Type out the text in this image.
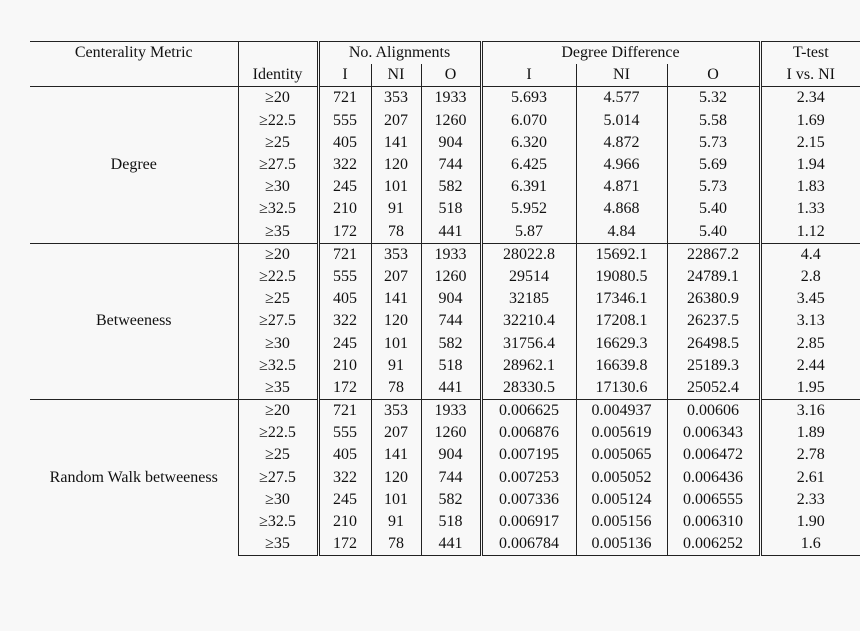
Centerality Metric		No. Alignments			Degree Difference			T-test
	Identity	I	NI	O	I	NI	O	I vs. NI
Degree	≥ 20	721	353	1933	5.693	4.577	5.32	2.34
	≥ 22.5	555	207	1260	6.070	5.014	5.58	1.69
	≥ 25	405	141	904	6.320	4.872	5.73	2.15
	≥ 27.5	322	120	744	6.425	4.966	5.69	1.94
	≥ 30	245	101	582	6.391	4.871	5.73	1.83
	≥ 32.5	210	91	518	5.952	4.868	5.40	1.33
	≥ 35	172	78	441	5.87	4.84	5.40	1.12
Betweeness	≥ 20	721	353	1933	28022.8	15692.1	22867.2	4.4
	≥ 22.5	555	207	1260	29514	19080.5	24789.1	2.8
	≥ 25	405	141	904	32185	17346.1	26380.9	3.45
	≥ 27.5	322	120	744	32210.4	17208.1	26237.5	3.13
	≥ 30	245	101	582	31756.4	16629.3	26498.5	2.85
	≥ 32.5	210	91	518	28962.1	16639.8	25189.3	2.44
	≥ 35	172	78	441	28330.5	17130.6	25052.4	1.95
Random Walk betweeness	≥ 20	721	353	1933	0.006625	0.004937	0.00606	3.16
	≥ 22.5	555	207	1260	0.006876	0.005619	0.006343	1.89
	≥ 25	405	141	904	0.007195	0.005065	0.006472	2.78
	≥ 27.5	322	120	744	0.007253	0.005052	0.006436	2.61
	≥ 30	245	101	582	0.007336	0.005124	0.006555	2.33
	≥ 32.5	210	91	518	0.006917	0.005156	0.006310	1.90
	≥ 35	172	78	441	0.006784	0.005136	0.006252	1.6
